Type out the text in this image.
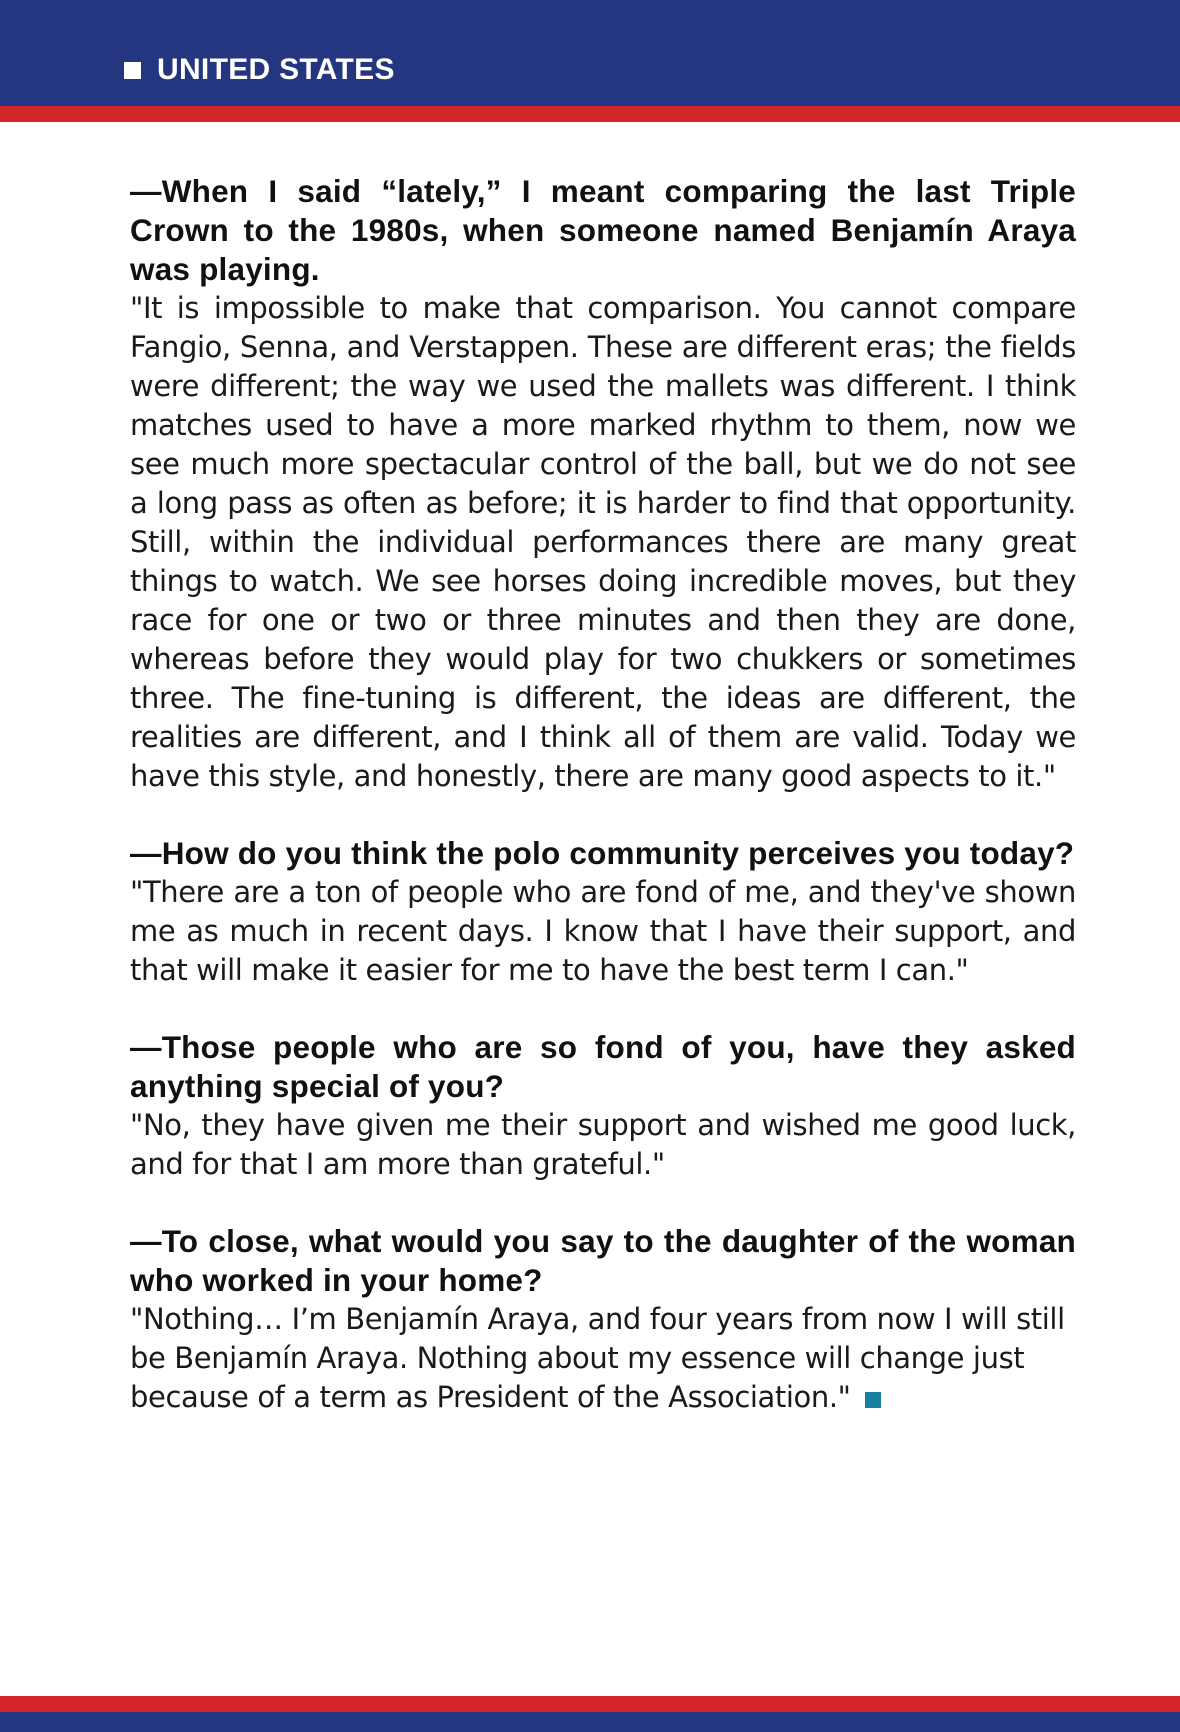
UNITED STATES

—When I said “lately,” I meant comparing the last Triple Crown to the 1980s, when someone named Benjamín Araya was playing.

"It is impossible to make that comparison. You cannot compare Fangio, Senna, and Verstappen. These are different eras; the fields were different; the way we used the mallets was different. I think matches used to have a more marked rhythm to them, now we see much more spectacular control of the ball, but we do not see a long pass as often as before; it is harder to find that opportunity. Still, within the individual performances there are many great things to watch. We see horses doing incredible moves, but they race for one or two or three minutes and then they are done, whereas before they would play for two chukkers or sometimes three. The fine-tuning is different, the ideas are different, the realities are different, and I think all of them are valid. Today we have this style, and honestly, there are many good aspects to it."

—How do you think the polo community perceives you today?

"There are a ton of people who are fond of me, and they've shown me as much in recent days. I know that I have their support, and that will make it easier for me to have the best term I can."

—Those people who are so fond of you, have they asked anything special of you?

"No, they have given me their support and wished me good luck, and for that I am more than grateful."

—To close, what would you say to the daughter of the woman who worked in your home?

"Nothing… I’m Benjamín Araya, and four years from now I will still be Benjamín Araya. Nothing about my essence will change just because of a term as President of the Association."
